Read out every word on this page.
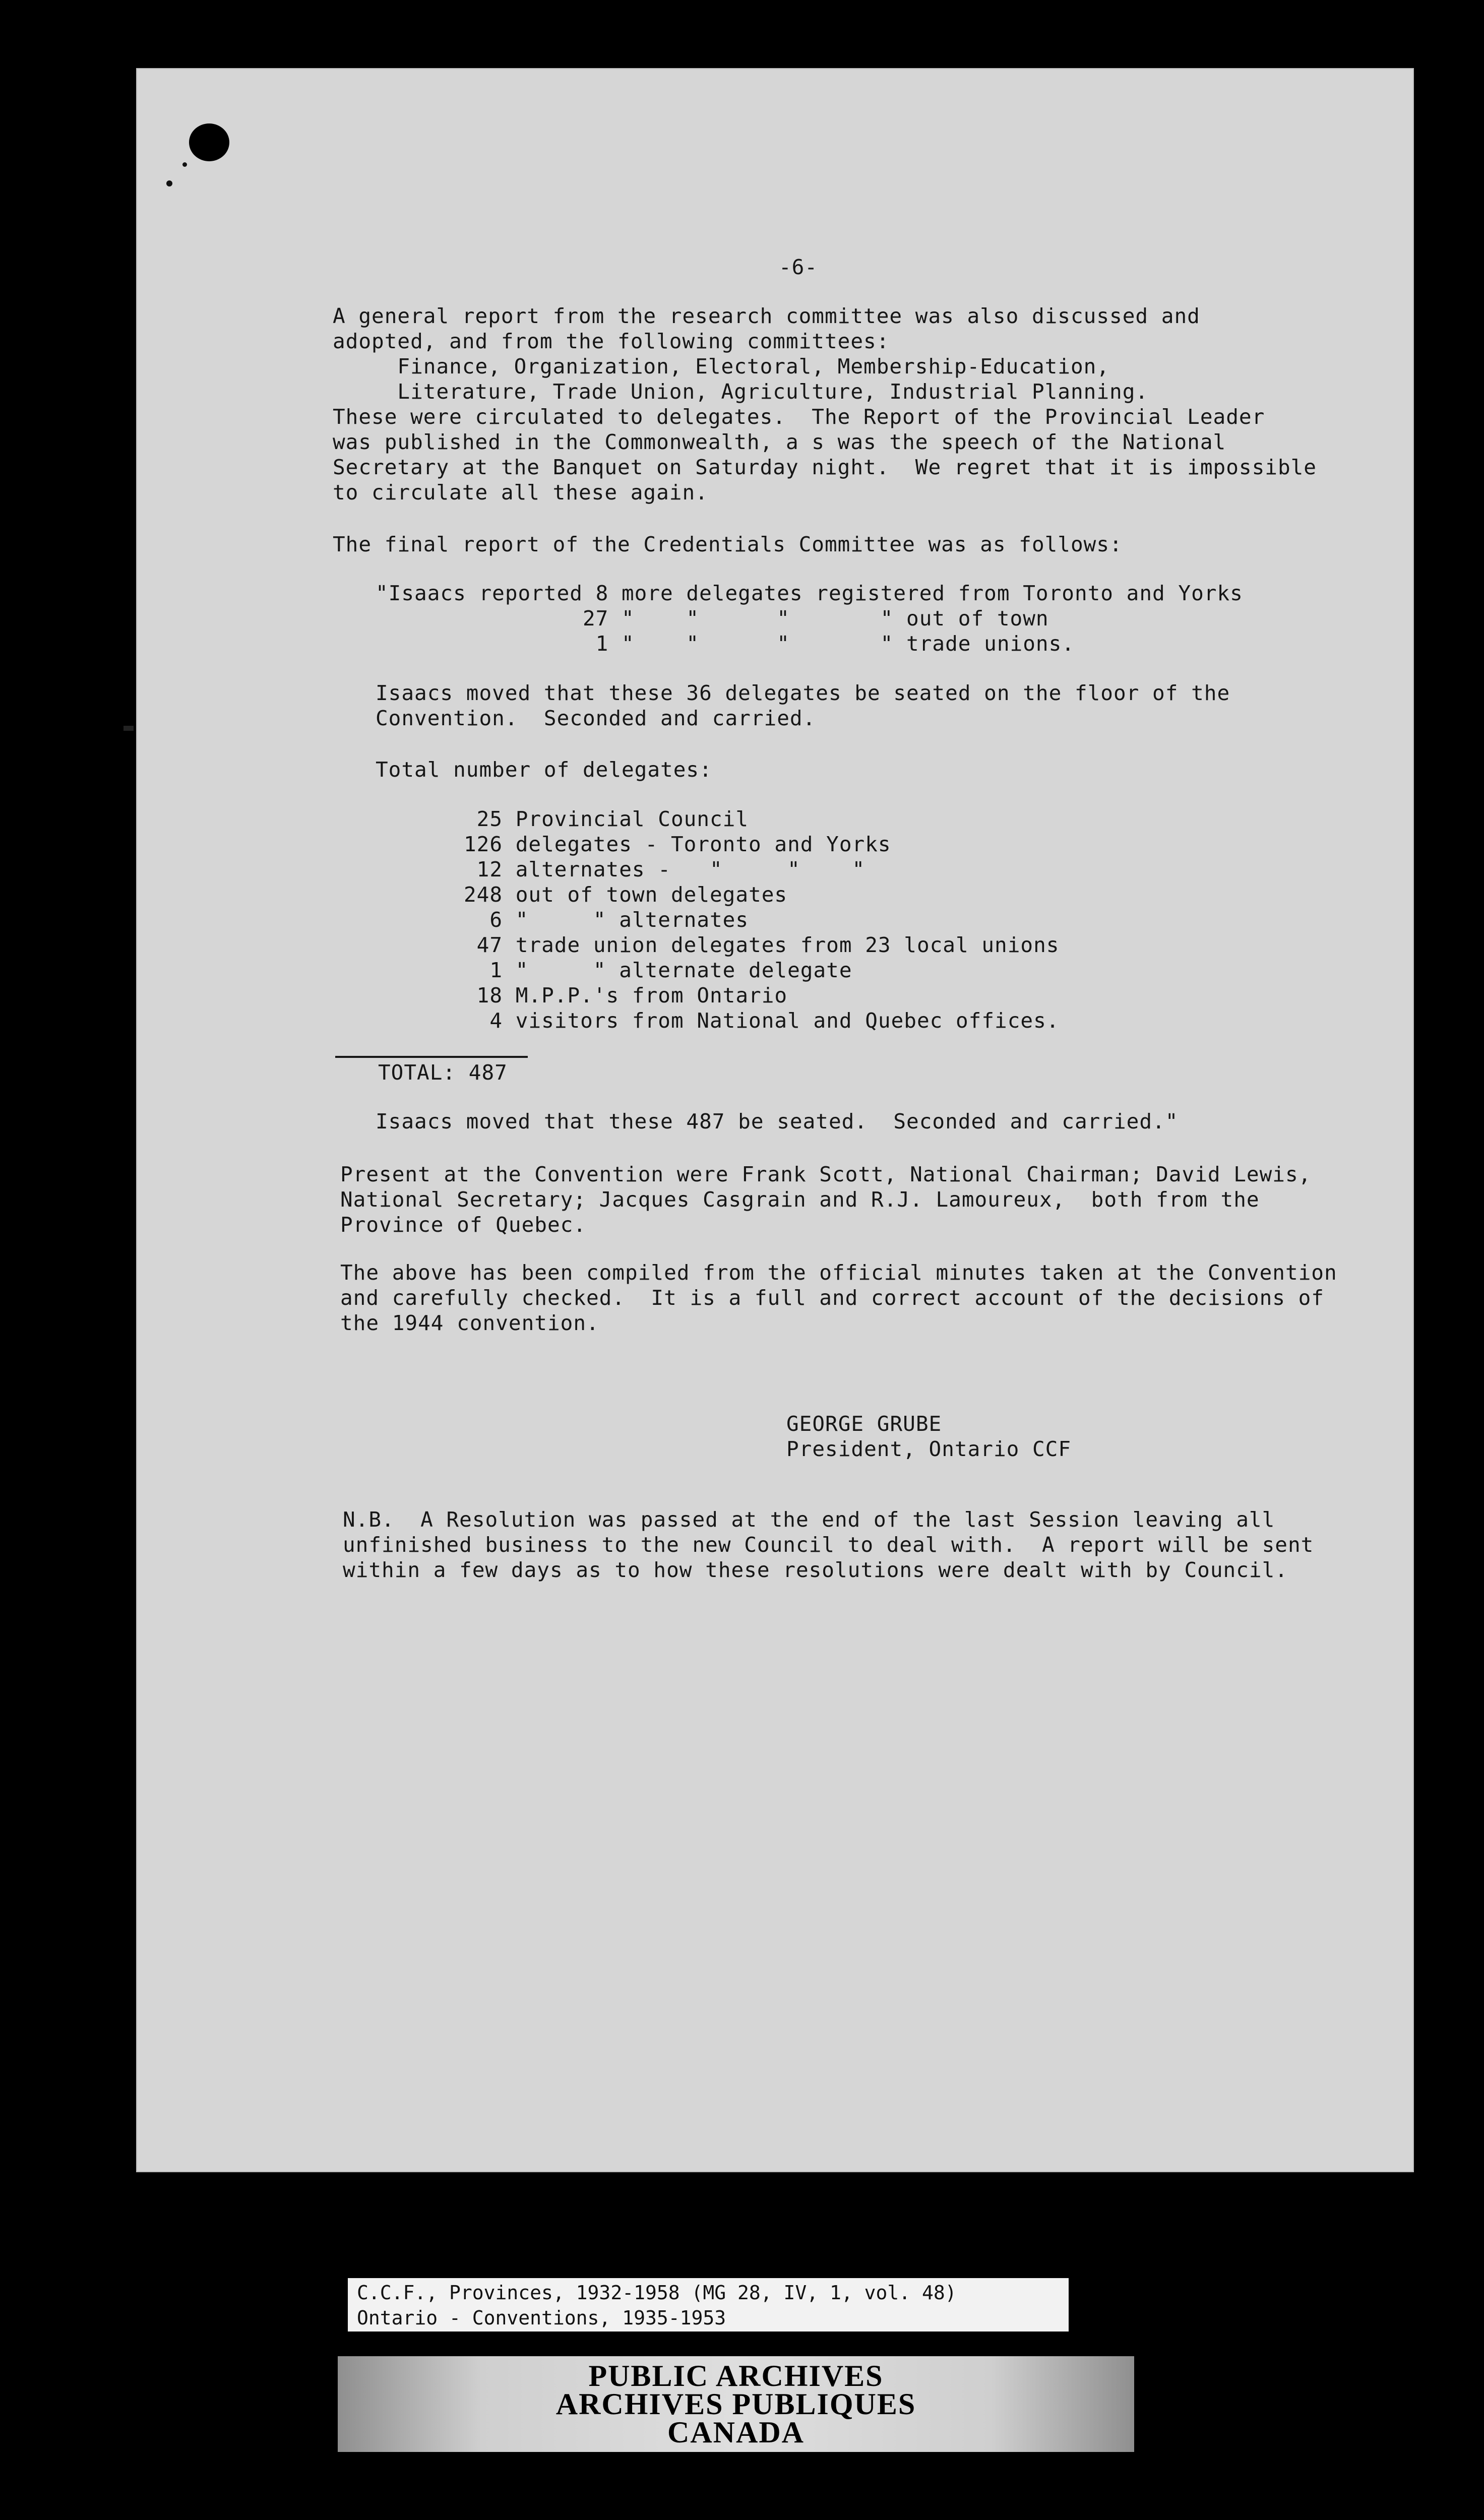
-6-
A general report from the research committee was also discussed and
adopted, and from the following committees:
Finance, Organization, Electoral, Membership-Education,
Literature, Trade Union, Agriculture, Industrial Planning.
These were circulated to delegates.  The Report of the Provincial Leader
was published in the Commonwealth, a s was the speech of the National
Secretary at the Banquet on Saturday night.  We regret that it is impossible
to circulate all these again.
The final report of the Credentials Committee was as follows:
"Isaacs reported 8 more delegates registered from Toronto and Yorks
27 "    "      "       " out of town
1 "    "      "       " trade unions.
Isaacs moved that these 36 delegates be seated on the floor of the
Convention.  Seconded and carried.
Total number of delegates:
25 Provincial Council
126 delegates - Toronto and Yorks
12 alternates -   "     "    "
248 out of town delegates
6 "     " alternates
47 trade union delegates from 23 local unions
1 "     " alternate delegate
18 M.P.P.'s from Ontario
4 visitors from National and Quebec offices.
TOTAL: 487
Isaacs moved that these 487 be seated.  Seconded and carried."
Present at the Convention were Frank Scott, National Chairman; David Lewis,
National Secretary; Jacques Casgrain and R.J. Lamoureux,  both from the
Province of Quebec.
The above has been compiled from the official minutes taken at the Convention
and carefully checked.  It is a full and correct account of the decisions of
the 1944 convention.
GEORGE GRUBE
President, Ontario CCF
N.B.  A Resolution was passed at the end of the last Session leaving all
unfinished business to the new Council to deal with.  A report will be sent
within a few days as to how these resolutions were dealt with by Council.
C.C.F., Provinces, 1932-1958 (MG 28, IV, 1, vol. 48)
Ontario - Conventions, 1935-1953
PUBLIC ARCHIVES
ARCHIVES PUBLIQUES
CANADA
